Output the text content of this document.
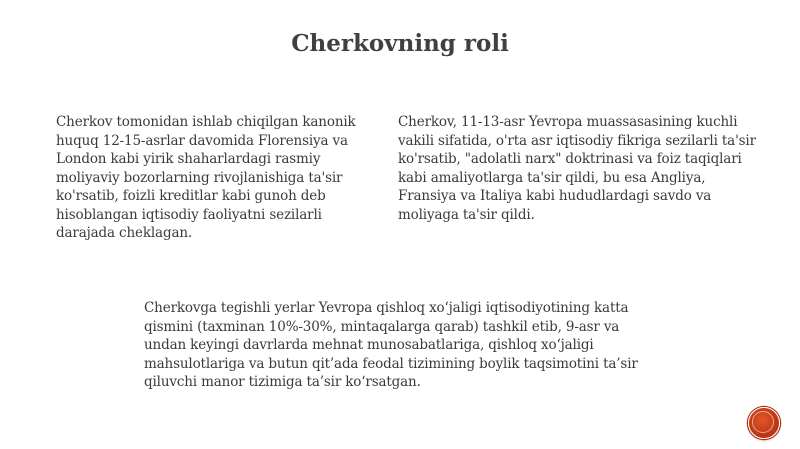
Cherkovning roli

Cherkov tomonidan ishlab chiqilgan kanonik huquq 12-15-asrlar davomida Florensiya va London kabi yirik shaharlardagi rasmiy moliyaviy bozorlarning rivojlanishiga ta'sir ko'rsatib, foizli kreditlar kabi gunoh deb hisoblangan iqtisodiy faoliyatni sezilarli darajada cheklagan.

Cherkov, 11-13-asr Yevropa muassasasining kuchli vakili sifatida, o'rta asr iqtisodiy fikriga sezilarli ta'sir ko'rsatib, "adolatli narx" doktrinasi va foiz taqiqlari kabi amaliyotlarga ta'sir qildi, bu esa Angliya, Fransiya va Italiya kabi hududlardagi savdo va moliyaga ta'sir qildi.

Cherkovga tegishli yerlar Yevropa qishloq xo‘jaligi iqtisodiyotining katta qismini (taxminan 10%-30%, mintaqalarga qarab) tashkil etib, 9-asr va undan keyingi davrlarda mehnat munosabatlariga, qishloq xo‘jaligi mahsulotlariga va butun qit’ada feodal tizimining boylik taqsimotini ta’sir qiluvchi manor tizimiga ta’sir ko‘rsatgan.
